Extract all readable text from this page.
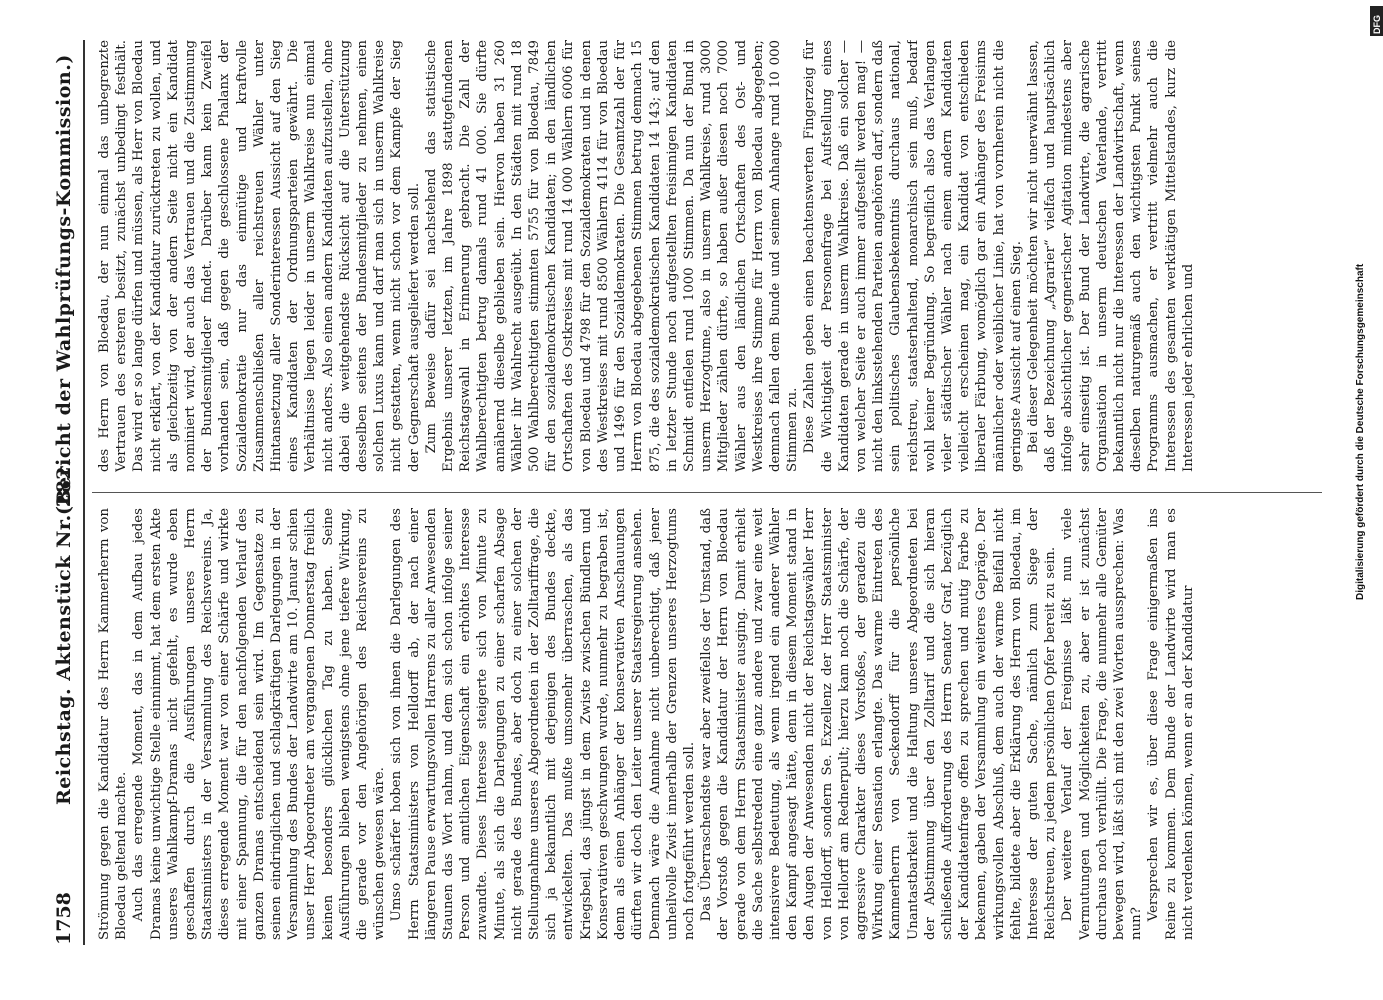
1758
Reichstag. Aktenstück Nr. 282.
(Bericht der Wahlprüfungs-Kommission.)

Strömung gegen die Kandidatur des Herrn Kammerherrn von Bloedau geltend machte. Auch das erregende Moment, das in dem Aufbau jedes Dramas keine unwichtige Stelle einnimmt, hat dem ersten Akte unseres Wahlkampf-Dramas nicht gefehlt, es wurde eben geschaffen durch die Ausführungen unseres Herrn Staatsministers in der Versammlung des Reichsvereins. Ja, dieses erregende Moment war von einer Schärfe und wirkte mit einer Spannung, die für den nachfolgenden Verlauf des ganzen Dramas entscheidend sein wird. Im Gegensatze zu seinen eindringlichen und schlagkräftigen Darlegungen in der Versammlung des Bundes der Landwirte am 10. Januar schien unser Herr Abgeordneter am vergangenen Donnerstag freilich keinen besonders glücklichen Tag zu haben. Seine Ausführungen blieben wenigstens ohne jene tiefere Wirkung, die gerade vor den Angehörigen des Reichsvereins zu wünschen gewesen wäre. Umso schärfer hoben sich von ihnen die Darlegungen des Herrn Staatsministers von Helldorff ab, der nach einer längeren Pause erwartungsvollen Harrens zu aller Anwesenden Staunen das Wort nahm, und dem sich schon infolge seiner Person und amtlichen Eigenschaft ein erhöhtes Interesse zuwandte. Dieses Interesse steigerte sich von Minute zu Minute, als sich die Darlegungen zu einer scharfen Absage nicht gerade des Bundes, aber doch zu einer solchen der Stellungnahme unseres Abgeordneten in der Zolltariffrage, die sich ja bekanntlich mit derjenigen des Bundes deckte, entwickelten. Das mußte umsomehr überraschen, als das Kriegsbeil, das jüngst in dem Zwiste zwischen Bündlern und Konservativen geschwungen wurde, nunmehr zu begraben ist, denn als einen Anhänger der konservativen Anschauungen dürften wir doch den Leiter unserer Staatsregierung ansehen. Demnach wäre die Annahme nicht unberechtigt, daß jener unheilvolle Zwist innerhalb der Grenzen unseres Herzogtums noch fortgeführt werden soll. Das Überraschendste war aber zweifellos der Umstand, daß der Vorstoß gegen die Kandidatur der Herrn von Bloedau gerade von dem Herrn Staatsminister ausging. Damit erhielt die Sache selbstredend eine ganz andere und zwar eine weit intensivere Bedeutung, als wenn irgend ein anderer Wähler den Kampf angesagt hätte, denn in diesem Moment stand in den Augen der Anwesenden nicht der Reichstagswähler Herr von Helldorff, sondern Se. Exzellenz der Herr Staatsminister von Hellorff am Rednerpult; hierzu kam noch die Schärfe, der aggressive Charakter dieses Vorstoßes, der geradezu die Wirkung einer Sensation erlangte. Das warme Eintreten des Kammerherrn von Seckendorff für die persönliche Unantastbarkeit und die Haltung unseres Abgeordneten bei der Abstimmung über den Zolltarif und die sich hieran schließende Aufforderung des Herrn Senator Graf, bezüglich der Kandidatenfrage offen zu sprechen und mutig Farbe zu bekennen, gaben der Versammlung ein weiteres Gepräge. Der wirkungsvollen Abschluß, dem auch der warme Beifall nicht fehlte, bildete aber die Erklärung des Herrn von Bloedau, im Interesse der guten Sache, nämlich zum Siege der Reichstreuen, zu jedem persönlichen Opfer bereit zu sein. Der weitere Verlauf der Ereignisse läßt nun viele Vermutungen und Möglichkeiten zu, aber er ist zunächst durchaus noch verhüllt. Die Frage, die nunmehr alle Gemüter bewegen wird, läßt sich mit den zwei Worten aussprechen: Was nun?

Versprechen wir es, über diese Frage einigermaßen ins Reine zu kommen. Dem Bunde der Landwirte wird man es nicht verdenken können, wenn er an der Kandidatur

des Herrn von Bloedau, der nun einmal das unbegrenzte Vertrauen des ersteren besitzt, zunächst unbedingt festhält. Das wird er so lange dürfen und müssen, als Herr von Bloedau nicht erklärt, von der Kandidatur zurücktreten zu wollen, und als gleichzeitig von der andern Seite nicht ein Kandidat nominiert wird, der auch das Vertrauen und die Zustimmung der Bundesmitglieder findet. Darüber kann kein Zweifel vorhanden sein, daß gegen die geschlossene Phalanx der Sozialdemokratie nur das einmütige und kraftvolle Zusammenschließen aller reichstreuen Wähler unter Hintansetzung aller Sonderinteressen Aussicht auf den Sieg eines Kandidaten der Ordnungsparteien gewährt. Die Verhältnisse liegen leider in unserm Wahlkreise nun einmal nicht anders. Also einen andern Kandidaten aufzustellen, ohne dabei die weitgehendste Rücksicht auf die Unterstützung desselben seitens der Bundesmitglieder zu nehmen, einen solchen Luxus kann und darf man sich in unserm Wahlkreise nicht gestatten, wenn nicht schon vor dem Kampfe der Sieg der Gegnerschaft ausgeliefert werden soll. Zum Beweise dafür sei nachstehend das statistische Ergebnis unserer letzten, im Jahre 1898 stattgefundenen Reichstagswahl in Erinnerung gebracht. Die Zahl der Wahlberechtigten betrug damals rund 41 000. Sie dürfte annähernd dieselbe geblieben sein. Hiervon haben 31 260 Wähler ihr Wahlrecht ausgeübt. In den Städten mit rund 18 500 Wahlberechtigten stimmten 5755 für von Bloedau, 7849 für den sozialdemokratischen Kandidaten; in den ländlichen Ortschaften des Ostkreises mit rund 14 000 Wählern 6006 für von Bloedau und 4798 für den Sozialdemokraten und in denen des Westkreises mit rund 8500 Wählern 4114 für von Bloedau und 1496 für den Sozialdemokraten. Die Gesamtzahl der für Herrn von Bloedau abgegebenen Stimmen betrug demnach 15 875, die des sozialdemokratischen Kandidaten 14 143; auf den in letzter Stunde noch aufgestellten freisinnigen Kandidaten Schmidt entfielen rund 1000 Stimmen. Da nun der Bund in unserm Herzogtume, also in unserm Wahlkreise, rund 3000 Mitglieder zählen dürfte, so haben außer diesen noch 7000 Wähler aus den ländlichen Ortschaften des Ost- und Westkreises ihre Stimme für Herrn von Bloedau abgegeben; demnach fallen dem Bunde und seinem Anhange rund 10 000 Stimmen zu. Diese Zahlen geben einen beachtenswerten Fingerzeig für die Wichtigkeit der Personenfrage bei Aufstellung eines Kandidaten gerade in unserm Wahlkreise. Daß ein solcher — von welcher Seite er auch immer aufgestellt werden mag! — nicht den linksstehenden Parteien angehören darf, sondern daß sein politisches Glaubensbekenntnis durchaus national, reichstreu, staatserhaltend, monarchisch sein muß, bedarf wohl keiner Begründung. So begreiflich also das Verlangen vieler städtischer Wähler nach einem andern Kandidaten vielleicht erscheinen mag, ein Kandidat von entschieden liberaler Färbung, womöglich gar ein Anhänger des Freisinns männlicher oder weiblicher Linie, hat von vornherein nicht die geringste Aussicht auf einen Sieg. Bei dieser Gelegenheit möchten wir nicht unerwähnt lassen, daß der Bezeichnung „Agrarier“ vielfach und hauptsächlich infolge absichtlicher gegnerischer Agitation mindestens aber sehr einseitig ist. Der Bund der Landwirte, die agrarische Organisation in unserm deutschen Vaterlande, vertritt bekanntlich nicht nur die Interessen der Landwirtschaft, wenn dieselben naturgemäß auch den wichtigsten Punkt seines Programms ausmachen, er vertritt vielmehr auch die Interessen des gesamten werktätigen Mittelstandes, kurz die Interessen jeder ehrlichen und	Digitalisierung gefördert durch die Deutsche Forschungsgemeinschaft
DFG
